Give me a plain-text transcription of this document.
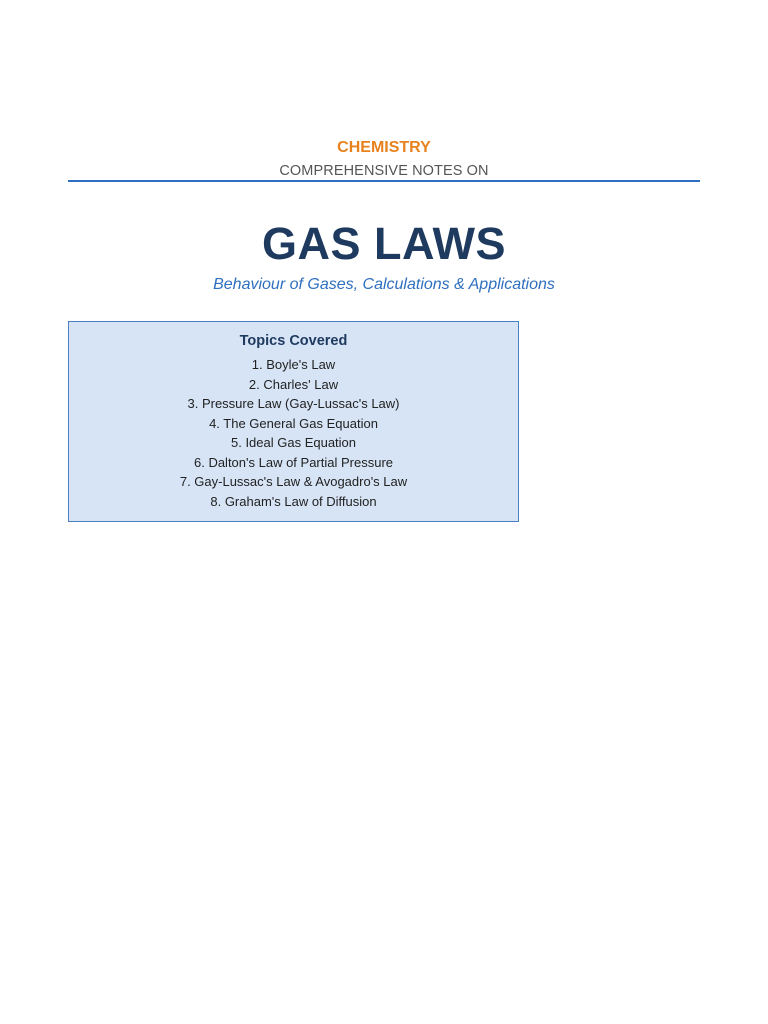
CHEMISTRY
COMPREHENSIVE NOTES ON
GAS LAWS
Behaviour of Gases, Calculations & Applications
Topics Covered
1. Boyle's Law
2. Charles' Law
3. Pressure Law (Gay-Lussac's Law)
4. The General Gas Equation
5. Ideal Gas Equation
6. Dalton's Law of Partial Pressure
7. Gay-Lussac's Law & Avogadro's Law
8. Graham's Law of Diffusion
